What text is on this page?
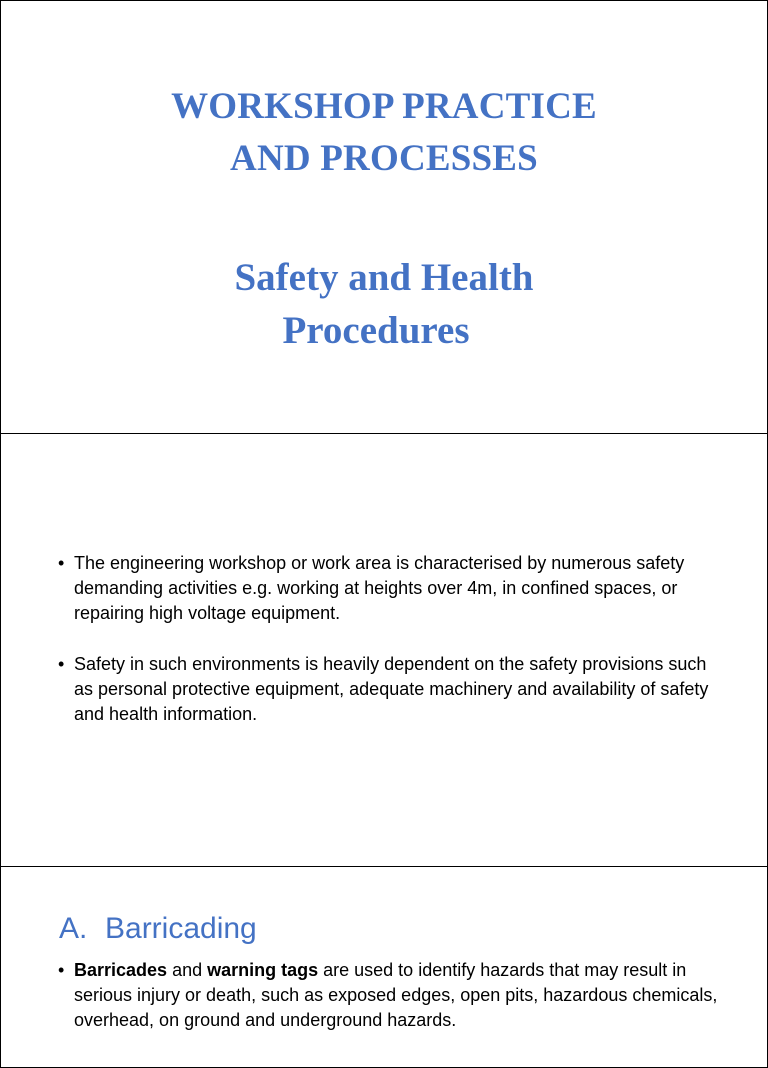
WORKSHOP PRACTICE
AND PROCESSES
Safety and Health
Procedures
• The engineering workshop or work area is characterised by numerous safety demanding activities e.g. working at heights over 4m, in confined spaces, or repairing high voltage equipment.
• Safety in such environments is heavily dependent on the safety provisions such as personal protective equipment, adequate machinery and availability of safety and health information.
A. Barricading
• Barricades and warning tags are used to identify hazards that may result in serious injury or death, such as exposed edges, open pits, hazardous chemicals, overhead, on ground and underground hazards.
